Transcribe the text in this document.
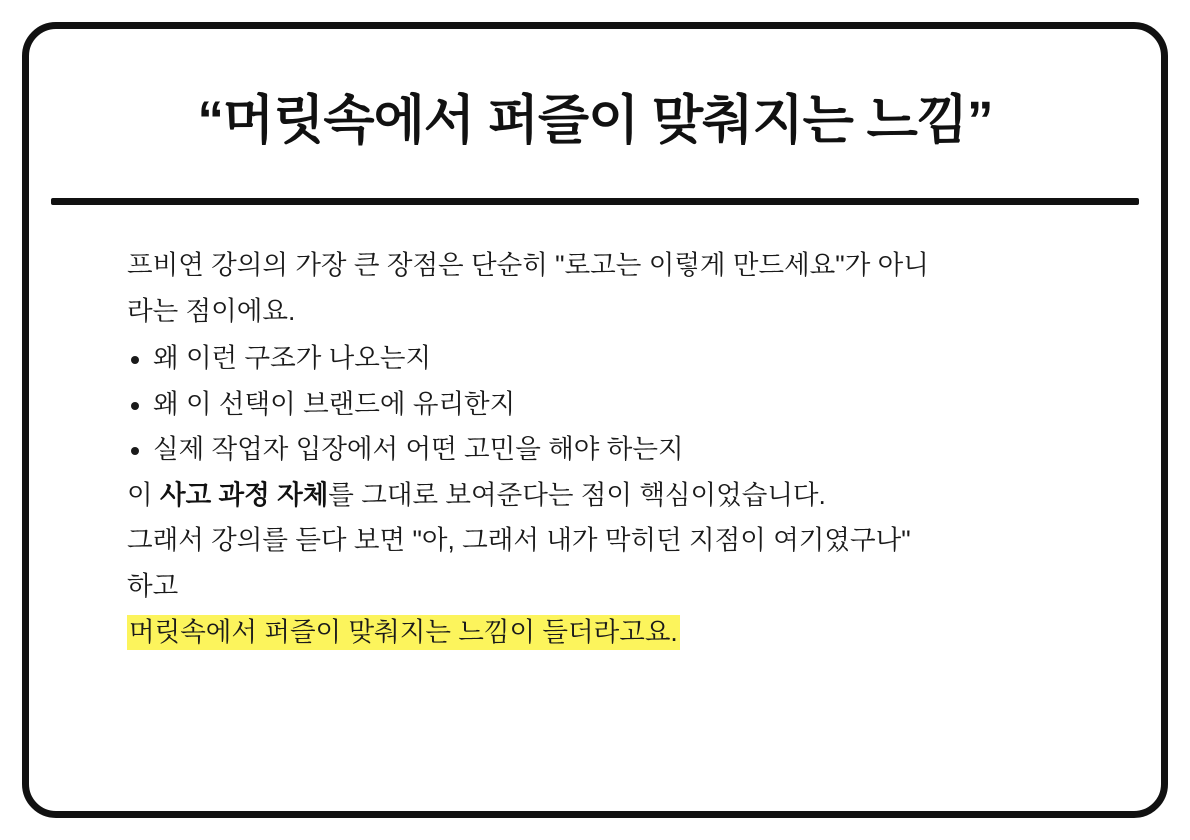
“머릿속에서 퍼즐이 맞춰지는 느낌”

프비연 강의의 가장 큰 장점은 단순히 "로고는 이렇게 만드세요"가 아니
라는 점이에요.

왜 이런 구조가 나오는지
왜 이 선택이 브랜드에 유리한지
실제 작업자 입장에서 어떤 고민을 해야 하는지

이 사고 과정 자체를 그대로 보여준다는 점이 핵심이었습니다.

그래서 강의를 듣다 보면 "아, 그래서 내가 막히던 지점이 여기였구나"
하고

머릿속에서 퍼즐이 맞춰지는 느낌이 들더라고요.
